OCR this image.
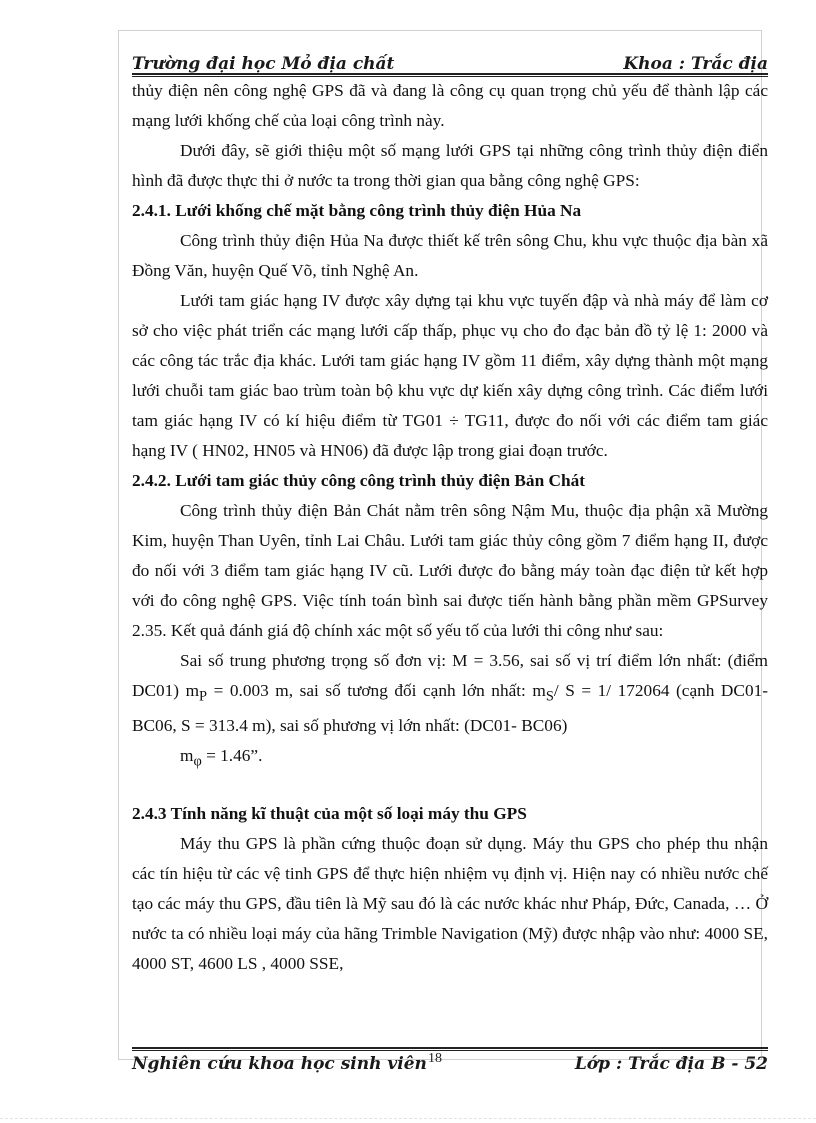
Trường đại học Mỏ địa chất	Khoa : Trắc địa

thủy điện nên công nghệ GPS đã và đang là công cụ quan trọng chủ yếu để thành lập các mạng lưới khống chế của loại công trình này.

Dưới đây, sẽ giới thiệu một số mạng lưới GPS tại những công trình thủy điện điển hình đã được thực thi ở nước ta trong thời gian qua bằng công nghệ GPS:

2.4.1. Lưới khống chế mặt bằng công trình thủy điện Hủa Na

Công trình thủy điện Hủa Na được thiết kế trên sông Chu, khu vực thuộc địa bàn xã Đồng Văn, huyện Quế Võ, tỉnh Nghệ An.

Lưới tam giác hạng IV được xây dựng tại khu vực tuyến đập và nhà máy để làm cơ sở cho việc phát triển các mạng lưới cấp thấp, phục vụ cho đo đạc bản đồ tỷ lệ 1: 2000 và các công tác trắc địa khác. Lưới tam giác hạng IV gồm 11 điểm, xây dựng thành một mạng lưới chuỗi tam giác bao trùm toàn bộ khu vực dự kiến xây dựng công trình. Các điểm lưới tam giác hạng IV có kí hiệu điểm từ TG01 ÷ TG11, được đo nối với các điểm tam giác hạng IV ( HN02, HN05 và HN06) đã được lập trong giai đoạn trước.

2.4.2. Lưới tam giác thủy công công trình thủy điện Bản Chát

Công trình thủy điện Bản Chát nằm trên sông Nậm Mu, thuộc địa phận xã Mường Kim, huyện Than Uyên, tỉnh Lai Châu. Lưới tam giác thủy công gồm 7 điểm hạng II, được đo nối với 3 điểm tam giác hạng IV cũ. Lưới được đo bằng máy toàn đạc điện tử kết hợp với đo công nghệ GPS. Việc tính toán bình sai được tiến hành bằng phần mềm GPSurvey 2.35. Kết quả đánh giá độ chính xác một số yếu tố của lưới thi công như sau:

Sai số trung phương trọng số đơn vị: M = 3.56, sai số vị trí điểm lớn nhất: (điểm DC01) $m_P = 0.003$ m, sai số tương đối cạnh lớn nhất: $m_S/$ S = 1/ 172064 (cạnh DC01- BC06, S = 313.4 m), sai số phương vị lớn nhất: (DC01- BC06)

$m_\varphi = 1.46$”.

2.4.3 Tính năng kĩ thuật của một số loại máy thu GPS

Máy thu GPS là phần cứng thuộc đoạn sử dụng. Máy thu GPS cho phép thu nhận các tín hiệu từ các vệ tinh GPS để thực hiện nhiệm vụ định vị. Hiện nay có nhiều nước chế tạo các máy thu GPS, đầu tiên là Mỹ sau đó là các nước khác như Pháp, Đức, Canada, … Ở nước ta có nhiều loại máy của hãng Trimble Navigation (Mỹ) được nhập vào như: 4000 SE, 4000 ST, 4600 LS , 4000 SSE,

18
Nghiên cứu khoa học sinh viên	Lớp : Trắc địa B - 52
